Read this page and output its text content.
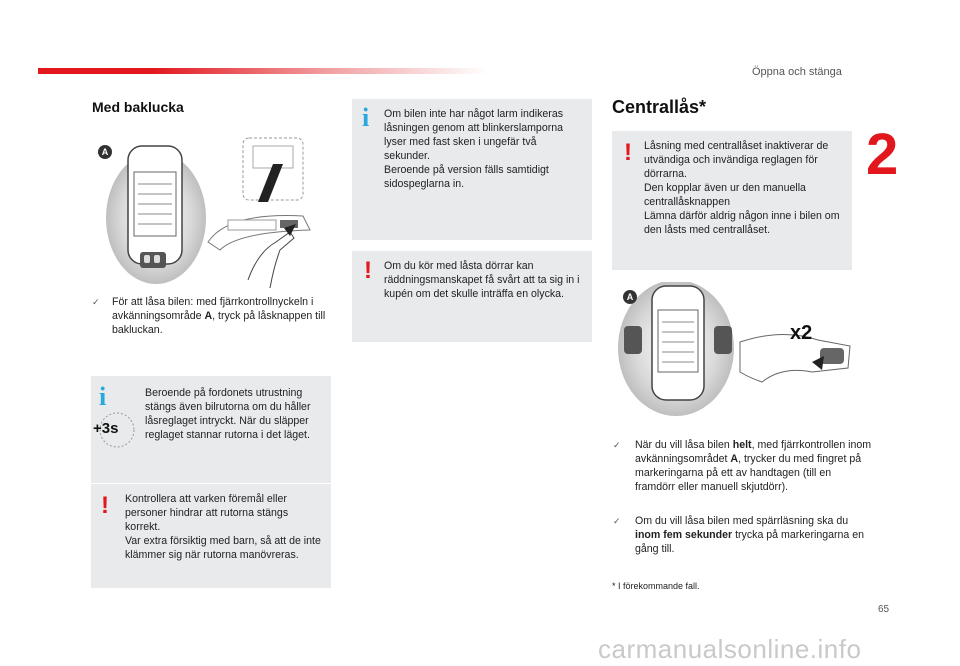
Öppna och stänga
2
Med baklucka
A
✓ För att låsa bilen: med fjärrkontrollnyckeln i avkänningsområde A, tryck på låsknappen till bakluckan.
i
+3s
Beroende på fordonets utrustning stängs även bilrutorna om du håller låsreglaget intryckt. När du släpper reglaget stannar rutorna i det läget.
! Kontrollera att varken föremål eller personer hindrar att rutorna stängs korrekt.
Var extra försiktig med barn, så att de inte klämmer sig när rutorna manövreras.
i Om bilen inte har något larm indikeras låsningen genom att blinkerslamporna lyser med fast sken i ungefär två sekunder.
Beroende på version fälls samtidigt sidospeglarna in.
! Om du kör med låsta dörrar kan räddningsmanskapet få svårt att ta sig in i kupén om det skulle inträffa en olycka.
Centrallås*
! Låsning med centrallåset inaktiverar de utvändiga och invändiga reglagen för dörrarna.
Den kopplar även ur den manuella centrallåsknappen
Lämna därför aldrig någon inne i bilen om den låsts med centrallåset.
A
x2
✓ När du vill låsa bilen helt, med fjärrkontrollen inom avkänningsområdet A, trycker du med fingret på markeringarna på ett av handtagen (till en framdörr eller manuell skjutdörr).
✓ Om du vill låsa bilen med spärrläsning ska du inom fem sekunder trycka på markeringarna en gång till.
* I förekommande fall.
65
carmanualsonline.info
